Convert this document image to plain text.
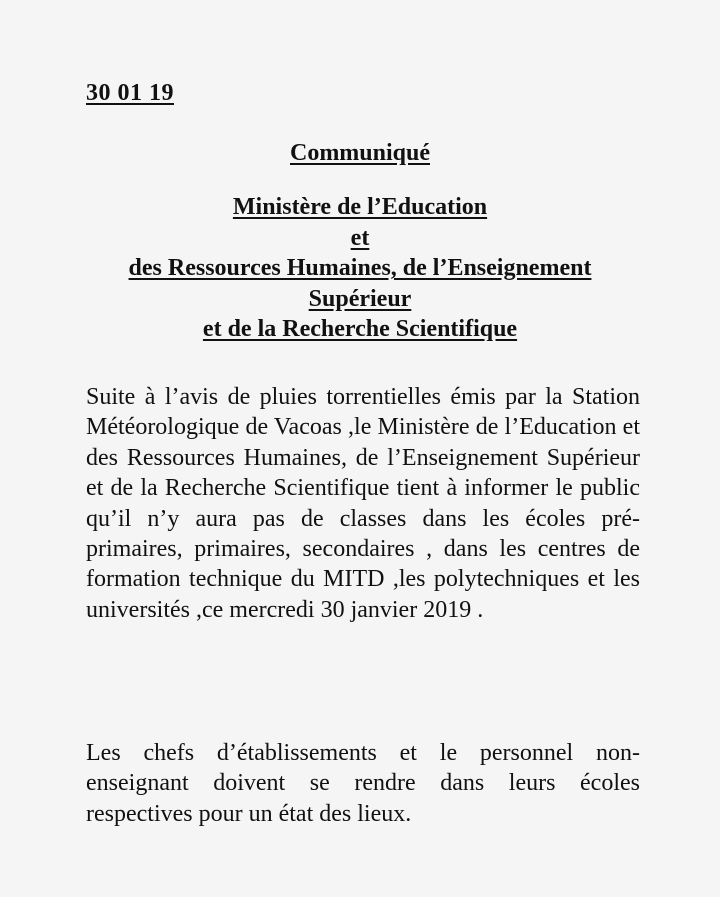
30 01 19
Communiqué
Ministère de l’Education
et
des Ressources Humaines, de l’Enseignement
Supérieur
et de la Recherche Scientifique

Suite à l’avis de pluies torrentielles émis par la Station Météorologique de Vacoas ,le Ministère de l’Education et des Ressources Humaines, de l’Enseignement Supérieur et de la Recherche Scientifique tient à informer le public qu’il n’y aura pas de classes dans les écoles pré-primaires, primaires, secondaires , dans les centres de formation technique du MITD ,les polytechniques et les universités ,ce mercredi 30 janvier 2019 .

Les chefs d’établissements et le personnel non-enseignant doivent se rendre dans leurs écoles respectives pour un état des lieux.
